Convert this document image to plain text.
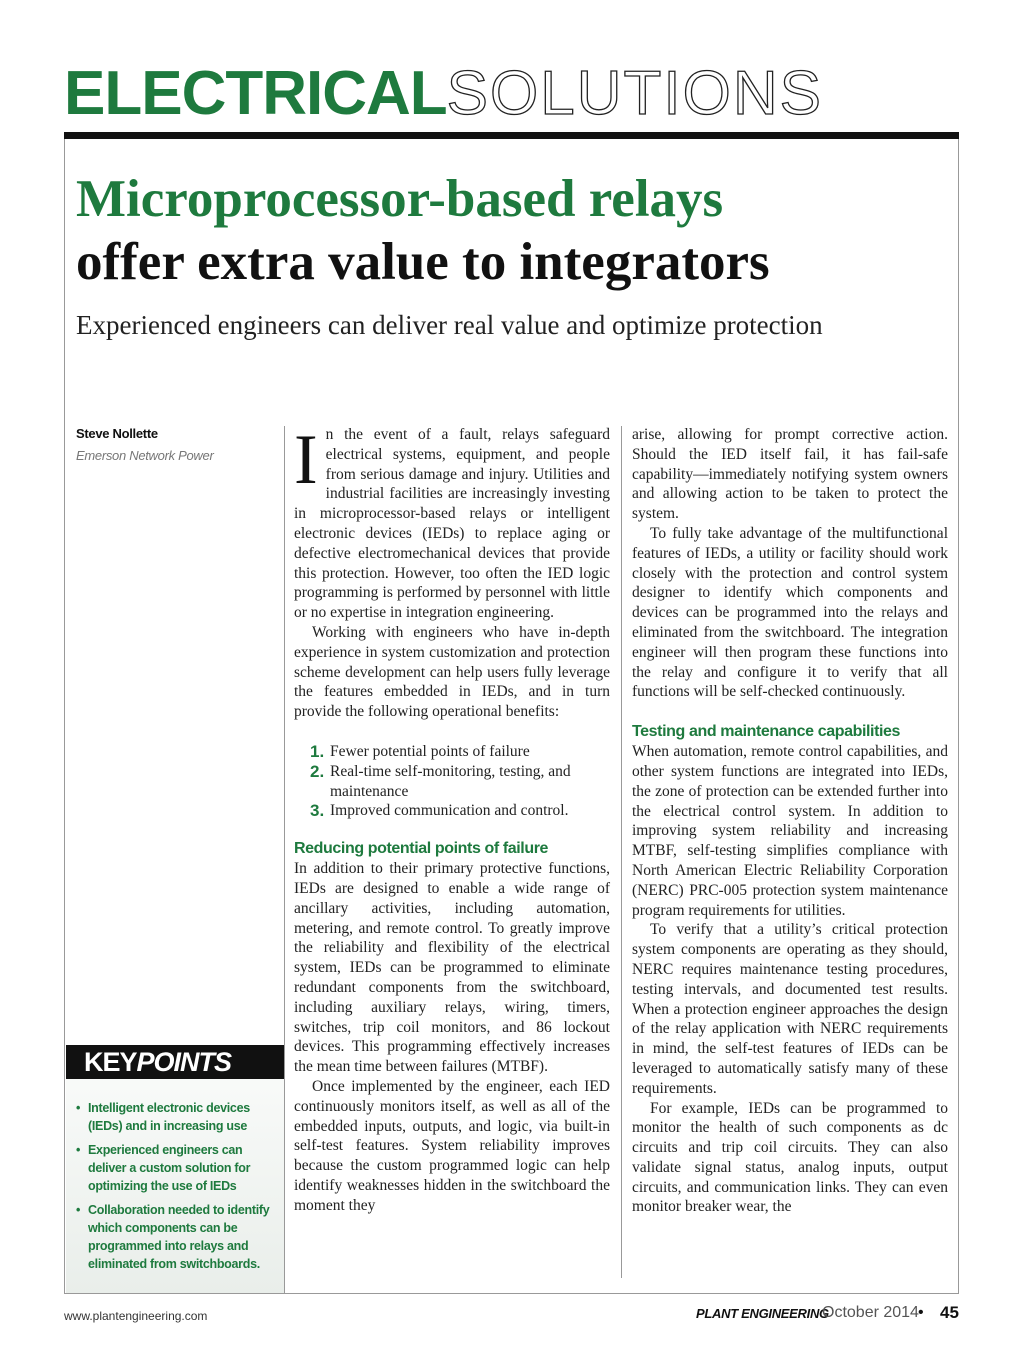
ELECTRICALSOLUTIONS
Microprocessor-based relays
offer extra value to integrators
Experienced engineers can deliver real value and optimize protection
Steve Nollette
Emerson Network Power
KEYPOINTS
• Intelligent electronic devices (IEDs) and in increasing use
• Experienced engineers can deliver a custom solution for optimizing the use of IEDs
• Collaboration needed to identify which components can be programmed into relays and eliminated from switchboards.

In the event of a fault, relays safeguard electrical systems, equipment, and people from serious damage and injury. Utilities and industrial facilities are increasingly investing in microprocessor-based relays or intelligent electronic devices (IEDs) to replace aging or defective electromechanical devices that provide this protection. However, too often the IED logic programming is performed by personnel with little or no expertise in integration engineering.

Working with engineers who have in-depth experience in system customization and protection scheme development can help users fully leverage the features embedded in IEDs, and in turn provide the following operational benefits:

1. Fewer potential points of failure
2. Real-time self-monitoring, testing, and maintenance
3. Improved communication and control.
Reducing potential points of failure

In addition to their primary protective functions, IEDs are designed to enable a wide range of ancillary activities, including automation, metering, and remote control. To greatly improve the reliability and flexibility of the electrical system, IEDs can be programmed to eliminate redundant components from the switchboard, including auxiliary relays, wiring, timers, switches, trip coil monitors, and 86 lockout devices. This programming effectively increases the mean time between failures (MTBF).

Once implemented by the engineer, each IED continuously monitors itself, as well as all of the embedded inputs, outputs, and logic, via built-in self-test features. System reliability improves because the custom programmed logic can help identify weaknesses hidden in the switchboard the moment they

arise, allowing for prompt corrective action. Should the IED itself fail, it has fail-safe capability—immediately notifying system owners and allowing action to be taken to protect the system.

To fully take advantage of the multifunctional features of IEDs, a utility or facility should work closely with the protection and control system designer to identify which components and devices can be programmed into the relays and eliminated from the switchboard. The integration engineer will then program these functions into the relay and configure it to verify that all functions will be self-checked continuously.

Testing and maintenance capabilities

When automation, remote control capabilities, and other system functions are integrated into IEDs, the zone of protection can be extended further into the electrical control system. In addition to improving system reliability and increasing MTBF, self-testing simplifies compliance with North American Electric Reliability Corporation (NERC) PRC-005 protection system maintenance program requirements for utilities.

To verify that a utility’s critical protection system components are operating as they should, NERC requires maintenance testing procedures, testing intervals, and documented test results. When a protection engineer approaches the design of the relay application with NERC requirements in mind, the self-test features of IEDs can be leveraged to automatically satisfy many of these requirements.

For example, IEDs can be programmed to monitor the health of such components as dc circuits and trip coil circuits. They can also validate signal status, analog inputs, output circuits, and communication links. They can even monitor breaker wear, the

www.plantengineering.com	PLANT ENGINEERING
October 2014 • 45
